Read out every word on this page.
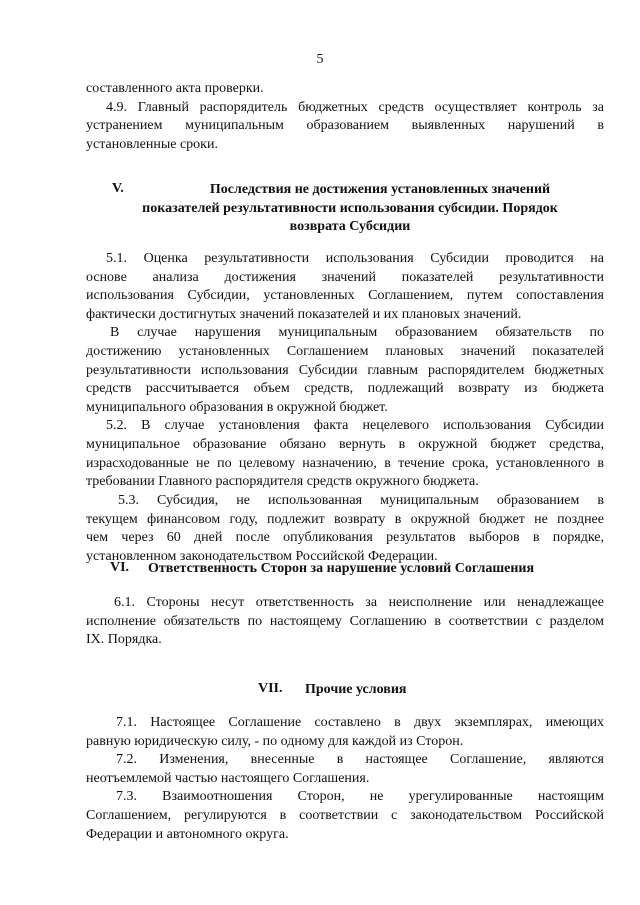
5
составленного акта проверки.
4.9. Главный распорядитель бюджетных средств осуществляет контроль за
устранением муниципальным образованием выявленных нарушений в
установленные сроки.
V.	Последствия не достижения установленных значений
показателей результативности использования субсидии. Порядок
возврата Субсидии
5.1. Оценка результативности использования Субсидии проводится на
основе анализа достижения значений показателей результативности
использования Субсидии, установленных Соглашением, путем сопоставления
фактически достигнутых значений показателей и их плановых значений.
В случае нарушения муниципальным образованием обязательств по
достижению установленных Соглашением плановых значений показателей
результативности использования Субсидии главным распорядителем бюджетных
средств рассчитывается объем средств, подлежащий возврату из бюджета
муниципального образования в окружной бюджет.
5.2. В случае установления факта нецелевого использования Субсидии
муниципальное образование обязано вернуть в окружной бюджет средства,
израсходованные не по целевому назначению, в течение срока, установленного в
требовании Главного распорядителя средств окружного бюджета.
5.3. Субсидия, не использованная муниципальным образованием в
текущем финансовом году, подлежит возврату в окружной бюджет не позднее
чем через 60 дней после опубликования результатов выборов в порядке,
установленном законодательством Российской Федерации.
VI. Ответственность Сторон за нарушение условий Соглашения
6.1. Стороны несут ответственность за неисполнение или ненадлежащее
исполнение обязательств по настоящему Соглашению в соответствии с разделом
IX. Порядка.
VII. Прочие условия
7.1. Настоящее Соглашение составлено в двух экземплярах, имеющих
равную юридическую силу, - по одному для каждой из Сторон.
7.2. Изменения, внесенные в настоящее Соглашение, являются
неотъемлемой частью настоящего Соглашения.
7.3. Взаимоотношения Сторон, не урегулированные настоящим
Соглашением, регулируются в соответствии с законодательством Российской
Федерации и автономного округа.
